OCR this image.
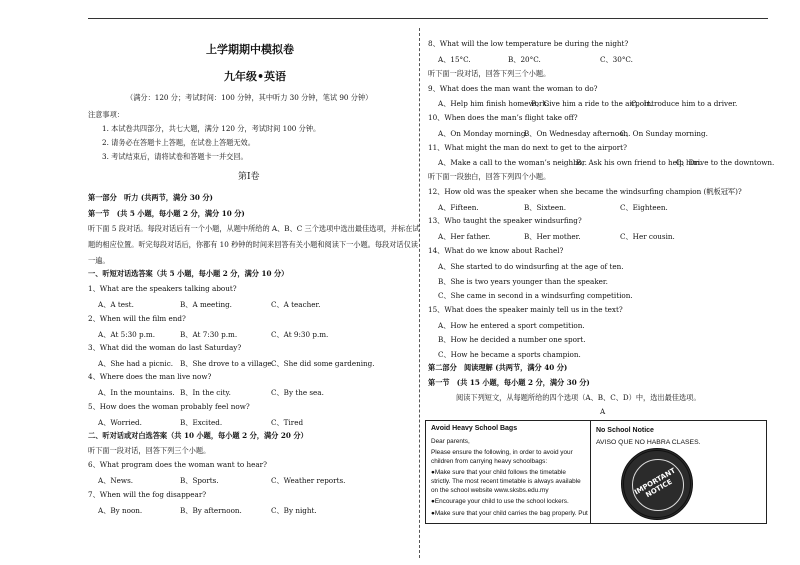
上学期期中模拟卷
九年级•英语
（满分：120 分；考试时间：100 分钟，其中听力 30 分钟，笔试 90 分钟）
注意事项：
1. 本试卷共四部分，共七大题，满分 120 分，考试时间 100 分钟。
2. 请务必在答题卡上答题，在试卷上答题无效。
3. 考试结束后，请将试卷和答题卡一并交回。
第Ⅰ卷
第一部分　听力 (共两节，满分 30 分)
第一节　(共 5 小题，每小题 2 分，满分 10 分)
听下面 5 段对话。每段对话后有一个小题，从题中所给的 A、B、C 三个选项中选出最佳选项，并标在试
题的相应位置。听完每段对话后，你都有 10 秒钟的时间来回答有关小题和阅读下一小题。每段对话仅读
一遍。
一、听短对话选答案（共 5 小题，每小题 2 分，满分 10 分）
1、What are the speakers talking about?
A、A test.	B、A meeting.	C、A teacher.
2、When will the film end?
A、At 5:30 p.m.	B、At 7:30 p.m.	C、At 9:30 p.m.
3、What did the woman do last Saturday?
A、She had a picnic. B、She drove to a village.
C、She did some gardening.
4、Where does the man live now?
A、In the mountains. B、In the city.	C、By the sea.
5、How does the woman probably feel now?
A、Worried.	B、Excited.	C、Tired
二、听对话或对白选答案（共 10 小题，每小题 2 分，满分 20 分）
听下面一段对话，回答下列三个小题。
6、What program does the woman want to hear?
A、News.	B、Sports.	C、Weather reports.
7、When will the fog disappear?
A、By noon.	B、By afternoon.	C、By night.
8、What will the low temperature be during the night?
A、15°C.	B、20°C.	C、30°C.
听下面一段对话，回答下列三个小题。
9、What does the man want the woman to do?
A、Help him finish homework.
B、Give him a ride to the airport.
C、Introduce him to a driver.
10、When does the man’s flight take off?
A、On Monday morning.
B、On Wednesday afternoon.
C、On Sunday morning.
11、What might the man do next to get to the airport?
A、Make a call to the woman’s neighbor.
B、Ask his own friend to help him.
C、Drive to the downtown.
听下面一段独白，回答下列四个小题。
12、How old was the speaker when she became the windsurfing champion (帆板冠军)?
A、Fifteen.	B、Sixteen.	C、Eighteen.
13、Who taught the speaker windsurfing?
A、Her father.	B、Her mother.	C、Her cousin.
14、What do we know about Rachel?
A、She started to do windsurfing at the age of ten.
B、She is two years younger than the speaker.
C、She came in second in a windsurfing competition.
15、What does the speaker mainly tell us in the text?
A、How he entered a sport competition.
B、How he decided a number one sport.
C、How he became a sports champion.
第二部分　阅读理解 (共两节，满分 40 分)
第一节　(共 15 小题，每小题 2 分，满分 30 分)
阅读下列短文，从每题所给的四个选项（A、B、C、D）中，选出最佳选项。
A
Avoid Heavy School Bags
Dear parents,
Please ensure the following, in order to avoid your
children from carrying heavy schoolbags:
●Make sure that your child follows the timetable
strictly. The most recent timetable is always available
on the school website www.sksbs.edu.my
●Encourage your child to use the school lockers.
●Make sure that your child carries the bag properly. Put
No School Notice
AVISO QUE NO HABRA CLASES.
IMPORTANT NOTICE
